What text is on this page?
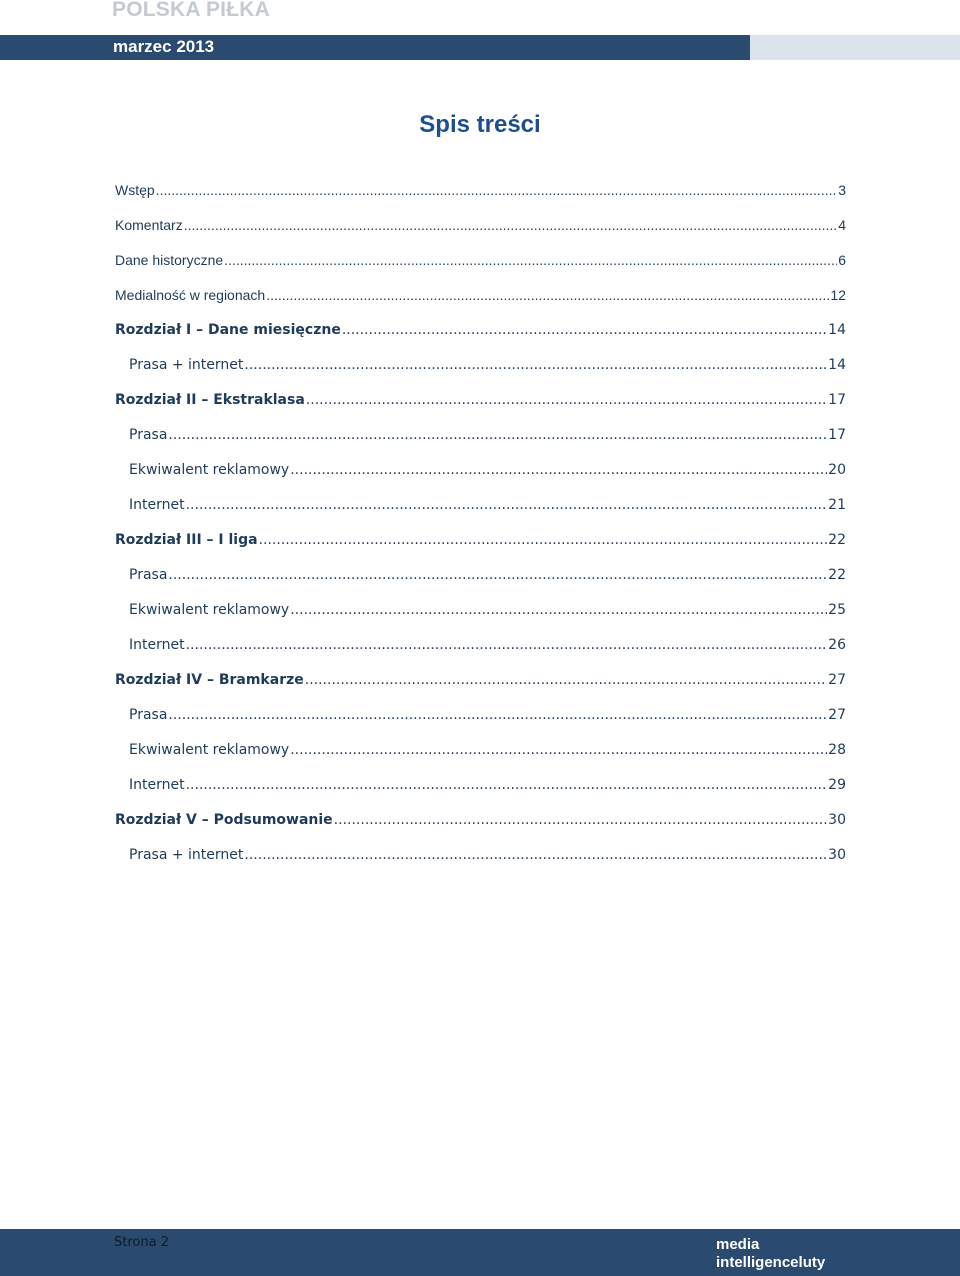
POLSKA PIŁKA
marzec 2013
Spis treści
Wstęp .....	3
Komentarz .....	4
Dane historyczne .....	6
Medialność w regionach .....	12
Rozdział I – Dane miesięczne .....	14
Prasa + internet .....	14
Rozdział II – Ekstraklasa .....	17
Prasa .....	17
Ekwiwalent reklamowy .....	20
Internet .....	21
Rozdział III – I liga .....	22
Prasa .....	22
Ekwiwalent reklamowy .....	25
Internet .....	26
Rozdział IV – Bramkarze .....	27
Prasa .....	27
Ekwiwalent reklamowy .....	28
Internet .....	29
Rozdział V – Podsumowanie .....	30
Prasa + internet .....	30
Strona 2	media
intelligenceluty
